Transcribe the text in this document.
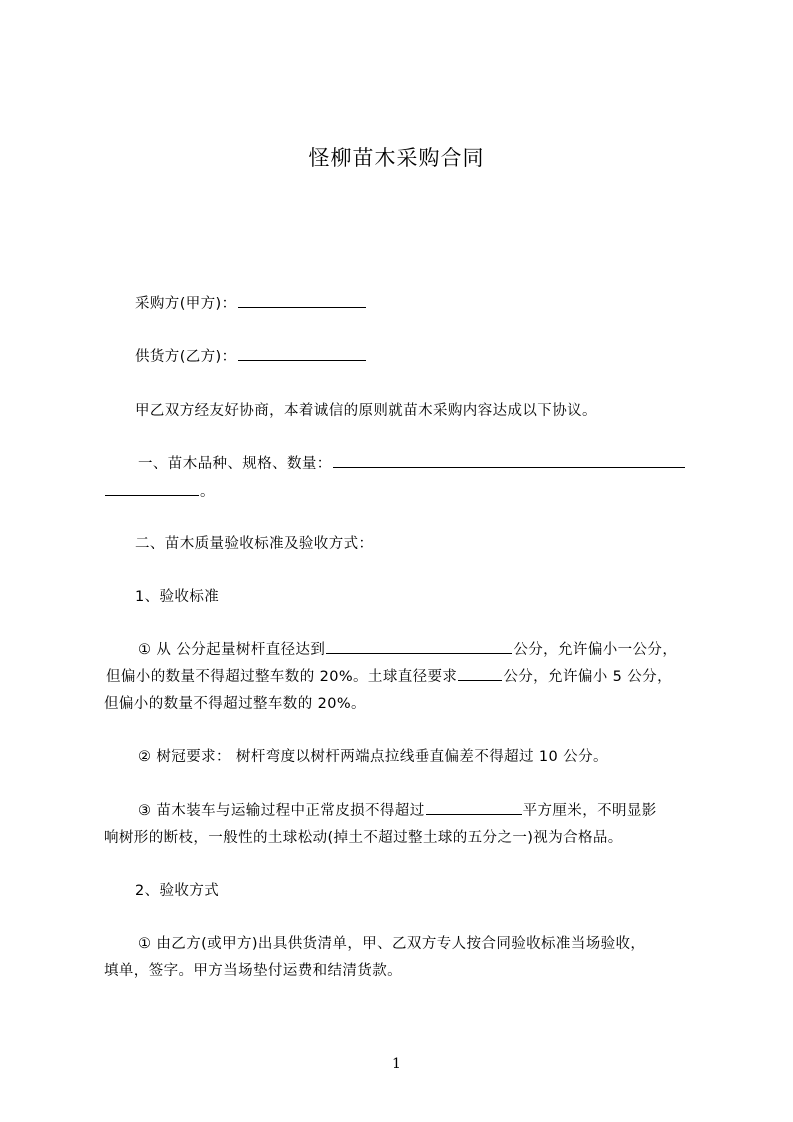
怪柳苗木采购合同
采购方(甲方)：
供货方(乙方)：
甲乙双方经友好协商，本着诚信的原则就苗木采购内容达成以下协议。
一、苗木品种、规格、数量：
。
二、苗木质量验收标准及验收方式：
1、验收标准
① 从 公分起量树杆直径达到	公分，允许偏小一公分，
但偏小的数量不得超过整车数的 20%。土球直径要求	公分，允许偏小 5 公分，
但偏小的数量不得超过整车数的 20%。
② 树冠要求： 树杆弯度以树杆两端点拉线垂直偏差不得超过 10 公分。
③ 苗木装车与运输过程中正常皮损不得超过	平方厘米，不明显影
响树形的断枝，一般性的土球松动(掉土不超过整土球的五分之一)视为合格品。
2、验收方式
① 由乙方(或甲方)出具供货清单，甲、乙双方专人按合同验收标准当场验收，
填单，签字。甲方当场垫付运费和结清货款。
1
